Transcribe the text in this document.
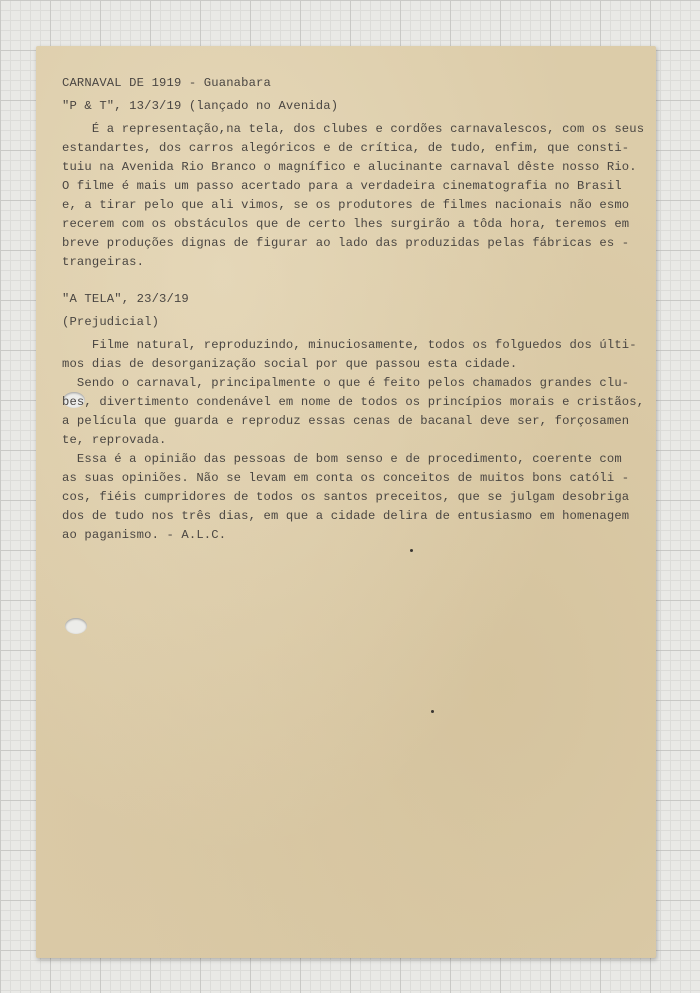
CARNAVAL DE 1919 - Guanabara
"P & T", 13/3/19 (lançado no Avenida)
É a representação,na tela, dos clubes e cordões carnavalescos, com os seus
estandartes, dos carros alegóricos e de crítica, de tudo, enfim, que consti-
tuiu na Avenida Rio Branco o magnífico e alucinante carnaval dêste nosso Rio.
O filme é mais um passo acertado para a verdadeira cinematografia no Brasil
e, a tirar pelo que ali vimos, se os produtores de filmes nacionais não esmo
recerem com os obstáculos que de certo lhes surgirão a tôda hora, teremos em
breve produções dignas de figurar ao lado das produzidas pelas fábricas es -
trangeiras.
"A TELA", 23/3/19
(Prejudicial)
Filme natural, reproduzindo, minuciosamente, todos os folguedos dos últi-
mos dias de desorganização social por que passou esta cidade.
Sendo o carnaval, principalmente o que é feito pelos chamados grandes clu-
bes, divertimento condenável em nome de todos os princípios morais e cristãos,
a película que guarda e reproduz essas cenas de bacanal deve ser, forçosamen
te, reprovada.
Essa é a opinião das pessoas de bom senso e de procedimento, coerente com
as suas opiniões. Não se levam em conta os conceitos de muitos bons católi -
cos, fiéis cumpridores de todos os santos preceitos, que se julgam desobriga
dos de tudo nos três dias, em que a cidade delira de entusiasmo em homenagem
ao paganismo. - A.L.C.
